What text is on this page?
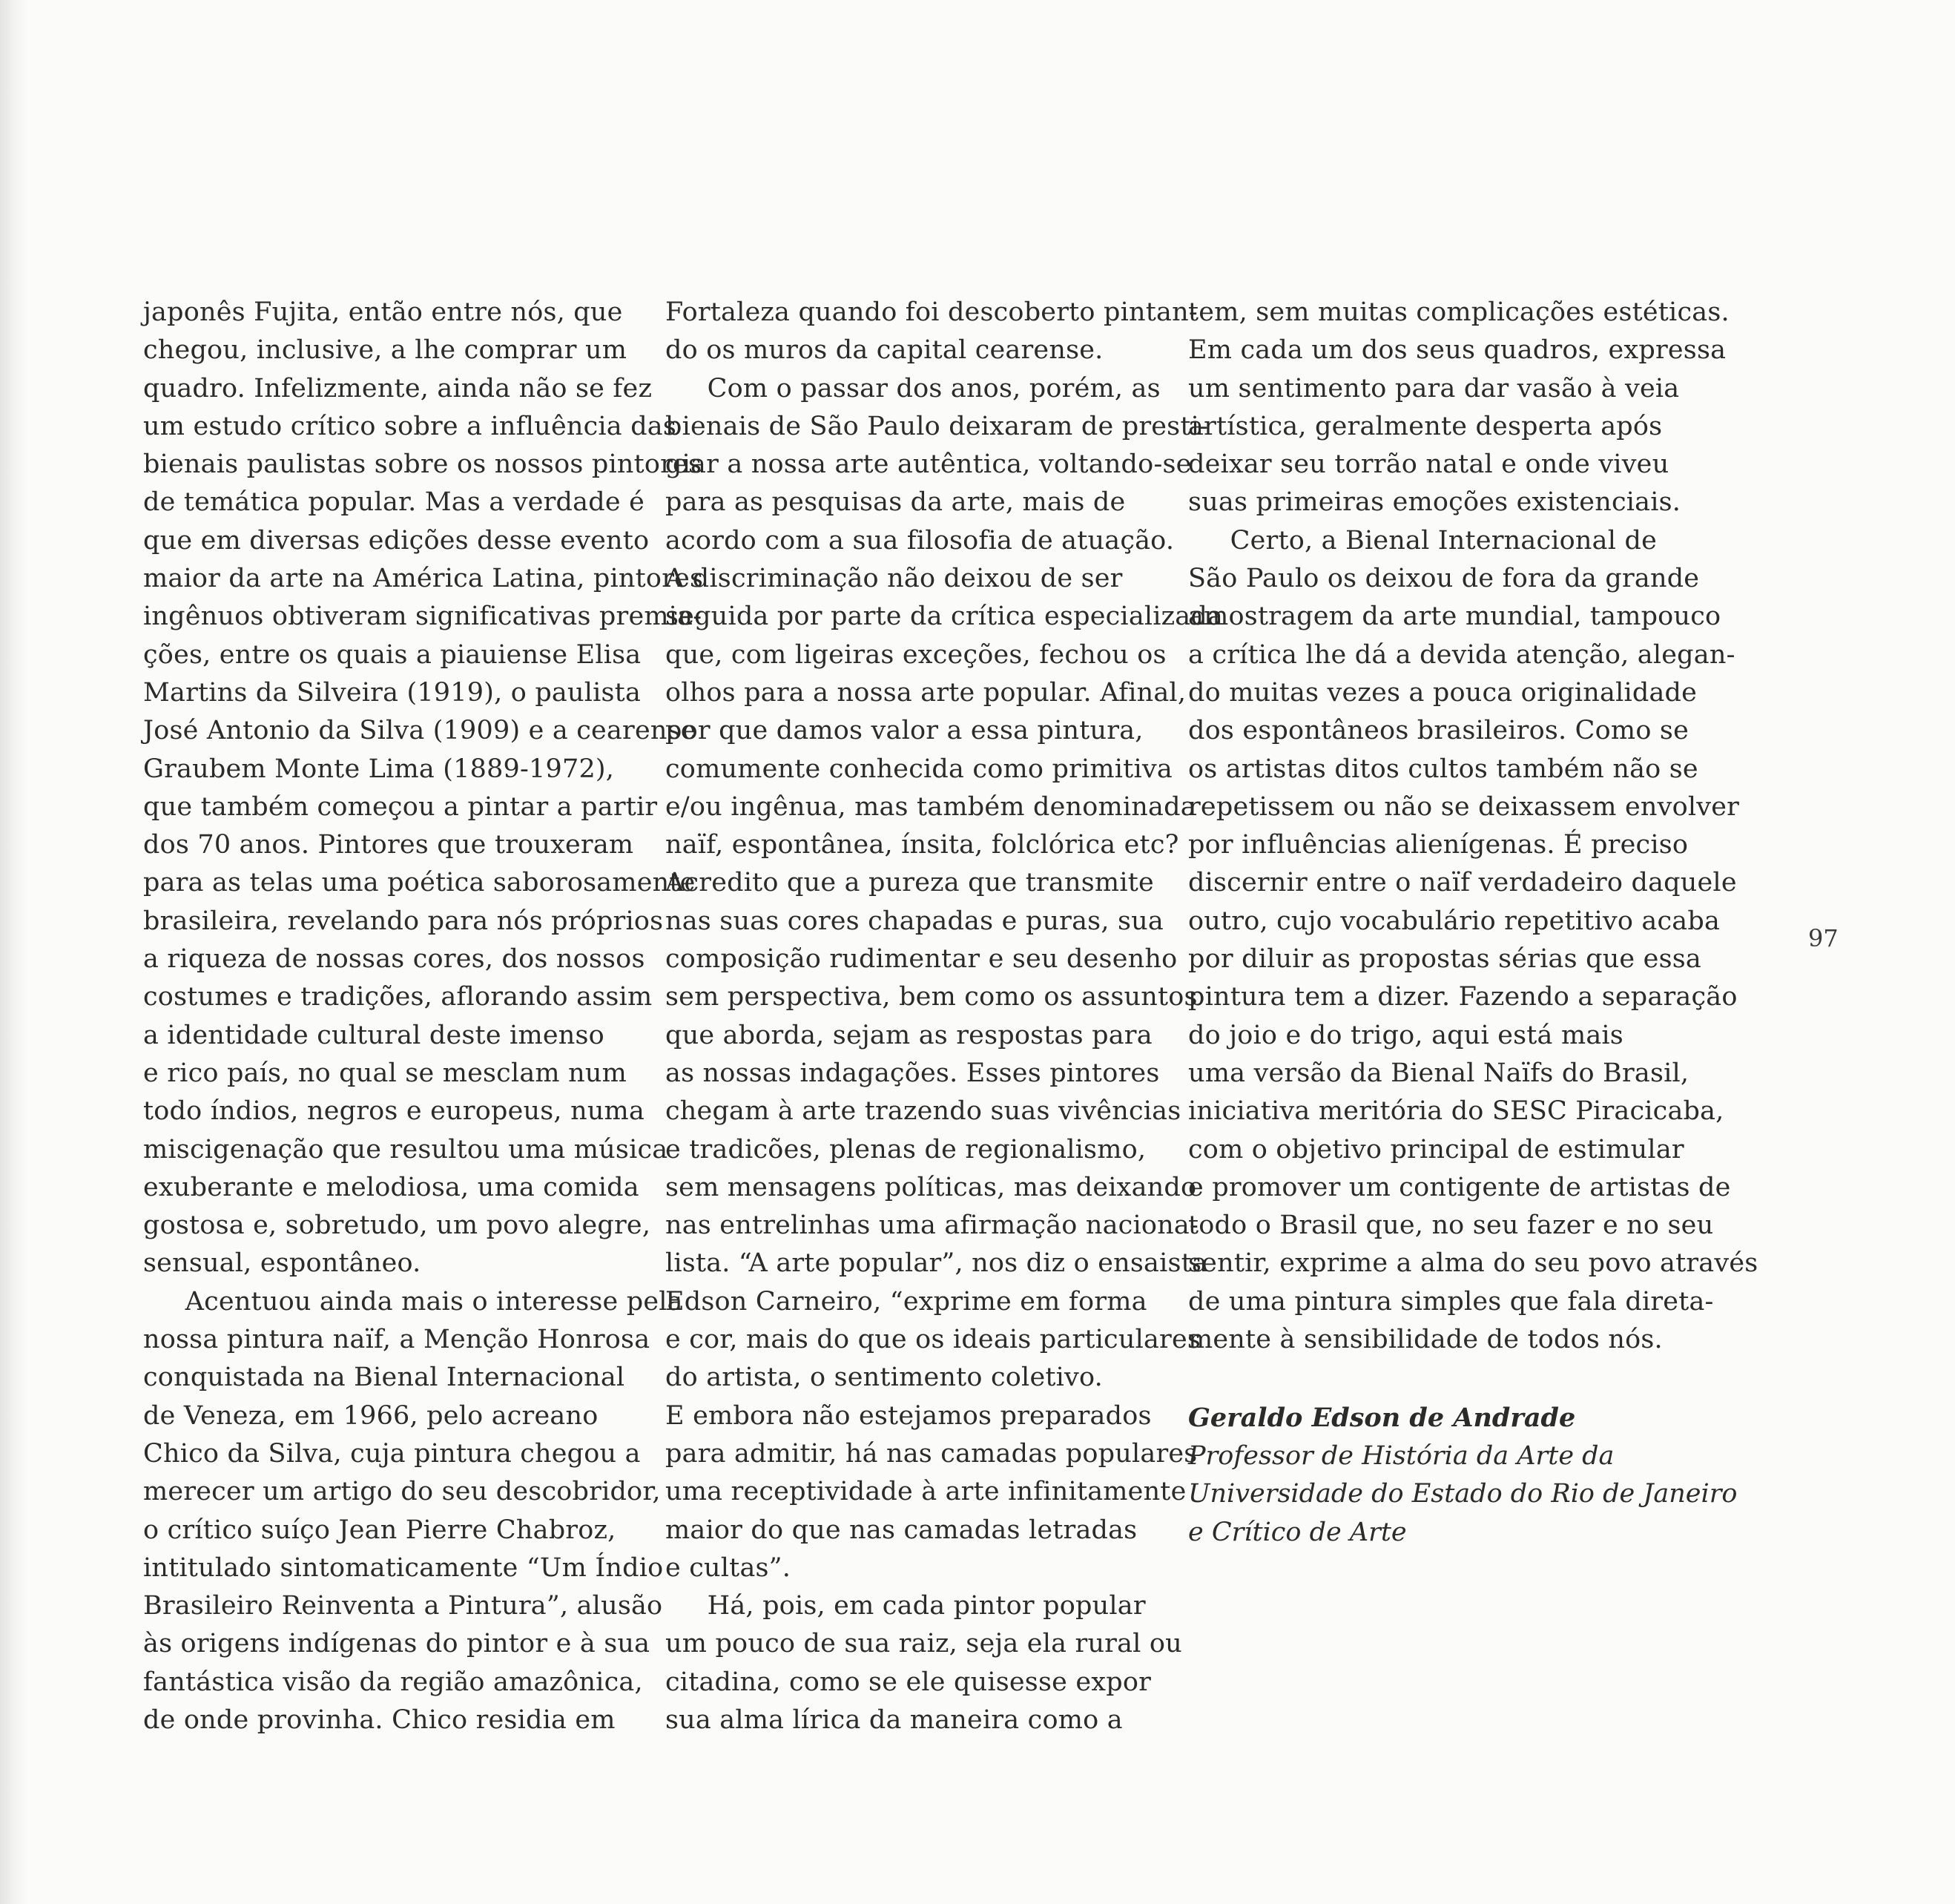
japonês Fujita, então entre nós, que
chegou, inclusive, a lhe comprar um
quadro. Infelizmente, ainda não se fez
um estudo crítico sobre a influência das
bienais paulistas sobre os nossos pintores
de temática popular. Mas a verdade é
que em diversas edições desse evento
maior da arte na América Latina, pintores
ingênuos obtiveram significativas premia-
ções, entre os quais a piauiense Elisa
Martins da Silveira (1919), o paulista
José Antonio da Silva (1909) e a cearense
Graubem Monte Lima (1889-1972),
que também começou a pintar a partir
dos 70 anos. Pintores que trouxeram
para as telas uma poética saborosamente
brasileira, revelando para nós próprios
a riqueza de nossas cores, dos nossos
costumes e tradições, aflorando assim
a identidade cultural deste imenso
e rico país, no qual se mesclam num
todo índios, negros e europeus, numa
miscigenação que resultou uma música
exuberante e melodiosa, uma comida
gostosa e, sobretudo, um povo alegre,
sensual, espontâneo.
Acentuou ainda mais o interesse pela
nossa pintura naïf, a Menção Honrosa
conquistada na Bienal Internacional
de Veneza, em 1966, pelo acreano
Chico da Silva, cuja pintura chegou a
merecer um artigo do seu descobridor,
o crítico suíço Jean Pierre Chabroz,
intitulado sintomaticamente “Um Índio
Brasileiro Reinventa a Pintura”, alusão
às origens indígenas do pintor e à sua
fantástica visão da região amazônica,
de onde provinha. Chico residia em
Fortaleza quando foi descoberto pintan-
do os muros da capital cearense.
Com o passar dos anos, porém, as
bienais de São Paulo deixaram de presti-
giar a nossa arte autêntica, voltando-se
para as pesquisas da arte, mais de
acordo com a sua filosofia de atuação.
A discriminação não deixou de ser
seguida por parte da crítica especializada
que, com ligeiras exceções, fechou os
olhos para a nossa arte popular. Afinal,
por que damos valor a essa pintura,
comumente conhecida como primitiva
e/ou ingênua, mas também denominada
naïf, espontânea, ínsita, folclórica etc?
Acredito que a pureza que transmite
nas suas cores chapadas e puras, sua
composição rudimentar e seu desenho
sem perspectiva, bem como os assuntos
que aborda, sejam as respostas para
as nossas indagações. Esses pintores
chegam à arte trazendo suas vivências
e tradicões, plenas de regionalismo,
sem mensagens políticas, mas deixando
nas entrelinhas uma afirmação naciona-
lista. “A arte popular”, nos diz o ensaista
Edson Carneiro, “exprime em forma
e cor, mais do que os ideais particulares
do artista, o sentimento coletivo.
E embora não estejamos preparados
para admitir, há nas camadas populares
uma receptividade à arte infinitamente
maior do que nas camadas letradas
e cultas”.
Há, pois, em cada pintor popular
um pouco de sua raiz, seja ela rural ou
citadina, como se ele quisesse expor
sua alma lírica da maneira como a
tem, sem muitas complicações estéticas.
Em cada um dos seus quadros, expressa
um sentimento para dar vasão à veia
artística, geralmente desperta após
deixar seu torrão natal e onde viveu
suas primeiras emoções existenciais.
Certo, a Bienal Internacional de
São Paulo os deixou de fora da grande
amostragem da arte mundial, tampouco
a crítica lhe dá a devida atenção, alegan-
do muitas vezes a pouca originalidade
dos espontâneos brasileiros. Como se
os artistas ditos cultos também não se
repetissem ou não se deixassem envolver
por influências alienígenas. É preciso
discernir entre o naïf verdadeiro daquele
outro, cujo vocabulário repetitivo acaba
por diluir as propostas sérias que essa
pintura tem a dizer. Fazendo a separação
do joio e do trigo, aqui está mais
uma versão da Bienal Naïfs do Brasil,
iniciativa meritória do SESC Piracicaba,
com o objetivo principal de estimular
e promover um contigente de artistas de
todo o Brasil que, no seu fazer e no seu
sentir, exprime a alma do seu povo através
de uma pintura simples que fala direta-
mente à sensibilidade de todos nós.
Geraldo Edson de Andrade
Professor de História da Arte da
Universidade do Estado do Rio de Janeiro
e Crítico de Arte
97
